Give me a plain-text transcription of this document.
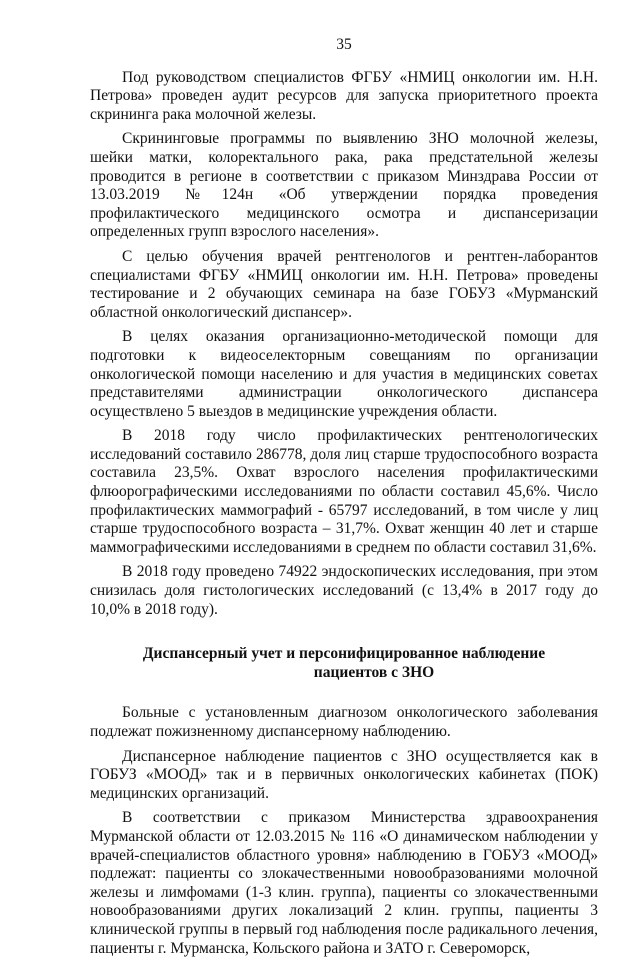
35

Под руководством специалистов ФГБУ «НМИЦ онкологии им. Н.Н. Петрова» проведен аудит ресурсов для запуска приоритетного проекта скрининга рака молочной железы.

Скрининговые программы по выявлению ЗНО молочной железы, шейки матки, колоректального рака, рака предстательной железы проводится в регионе в соответствии с приказом Минздрава России от 13.03.2019 №124н «Об утверждении порядка проведения профилактического медицинского осмотра и диспансеризации определенных групп взрослого населения».

С целью обучения врачей рентгенологов и рентген-лаборантов специалистами ФГБУ «НМИЦ онкологии им. Н.Н. Петрова» проведены тестирование и 2 обучающих семинара на базе ГОБУЗ «Мурманский областной онкологический диспансер».

В целях оказания организационно-методической помощи для подготовки к видеоселекторным совещаниям по организации онкологической помощи населению и для участия в медицинских советах представителями администрации онкологического диспансера осуществлено 5 выездов в медицинские учреждения области.

В 2018 году число профилактических рентгенологических исследований составило 286778, доля лиц старше трудоспособного возраста составила 23,5%. Охват взрослого населения профилактическими флюорографическими исследованиями по области составил 45,6%. Число профилактических маммографий - 65797 исследований, в том числе у лиц старше трудоспособного возраста – 31,7%. Охват женщин 40 лет и старше маммографическими исследованиями в среднем по области составил 31,6%.

В 2018 году проведено 74922 эндоскопических исследования, при этом снизилась доля гистологических исследований (с 13,4% в 2017 году до 10,0% в 2018 году).

Диспансерный учет и персонифицированное наблюдение
пациентов с ЗНО

Больные с установленным диагнозом онкологического заболевания подлежат пожизненному диспансерному наблюдению.

Диспансерное наблюдение пациентов с ЗНО осуществляется как в ГОБУЗ «МООД» так и в первичных онкологических кабинетах (ПОК) медицинских организаций.

В соответствии с приказом Министерства здравоохранения Мурманской области от 12.03.2015 № 116 «О динамическом наблюдении у врачей-специалистов областного уровня» наблюдению в ГОБУЗ «МООД» подлежат: пациенты со злокачественными новообразованиями молочной железы и лимфомами (1-3 клин. группа), пациенты со злокачественными новообразованиями других локализаций 2 клин. группы, пациенты 3 клинической группы в первый год наблюдения после радикального лечения, пациенты г. Мурманска, Кольского района и ЗАТО г. Североморск,
